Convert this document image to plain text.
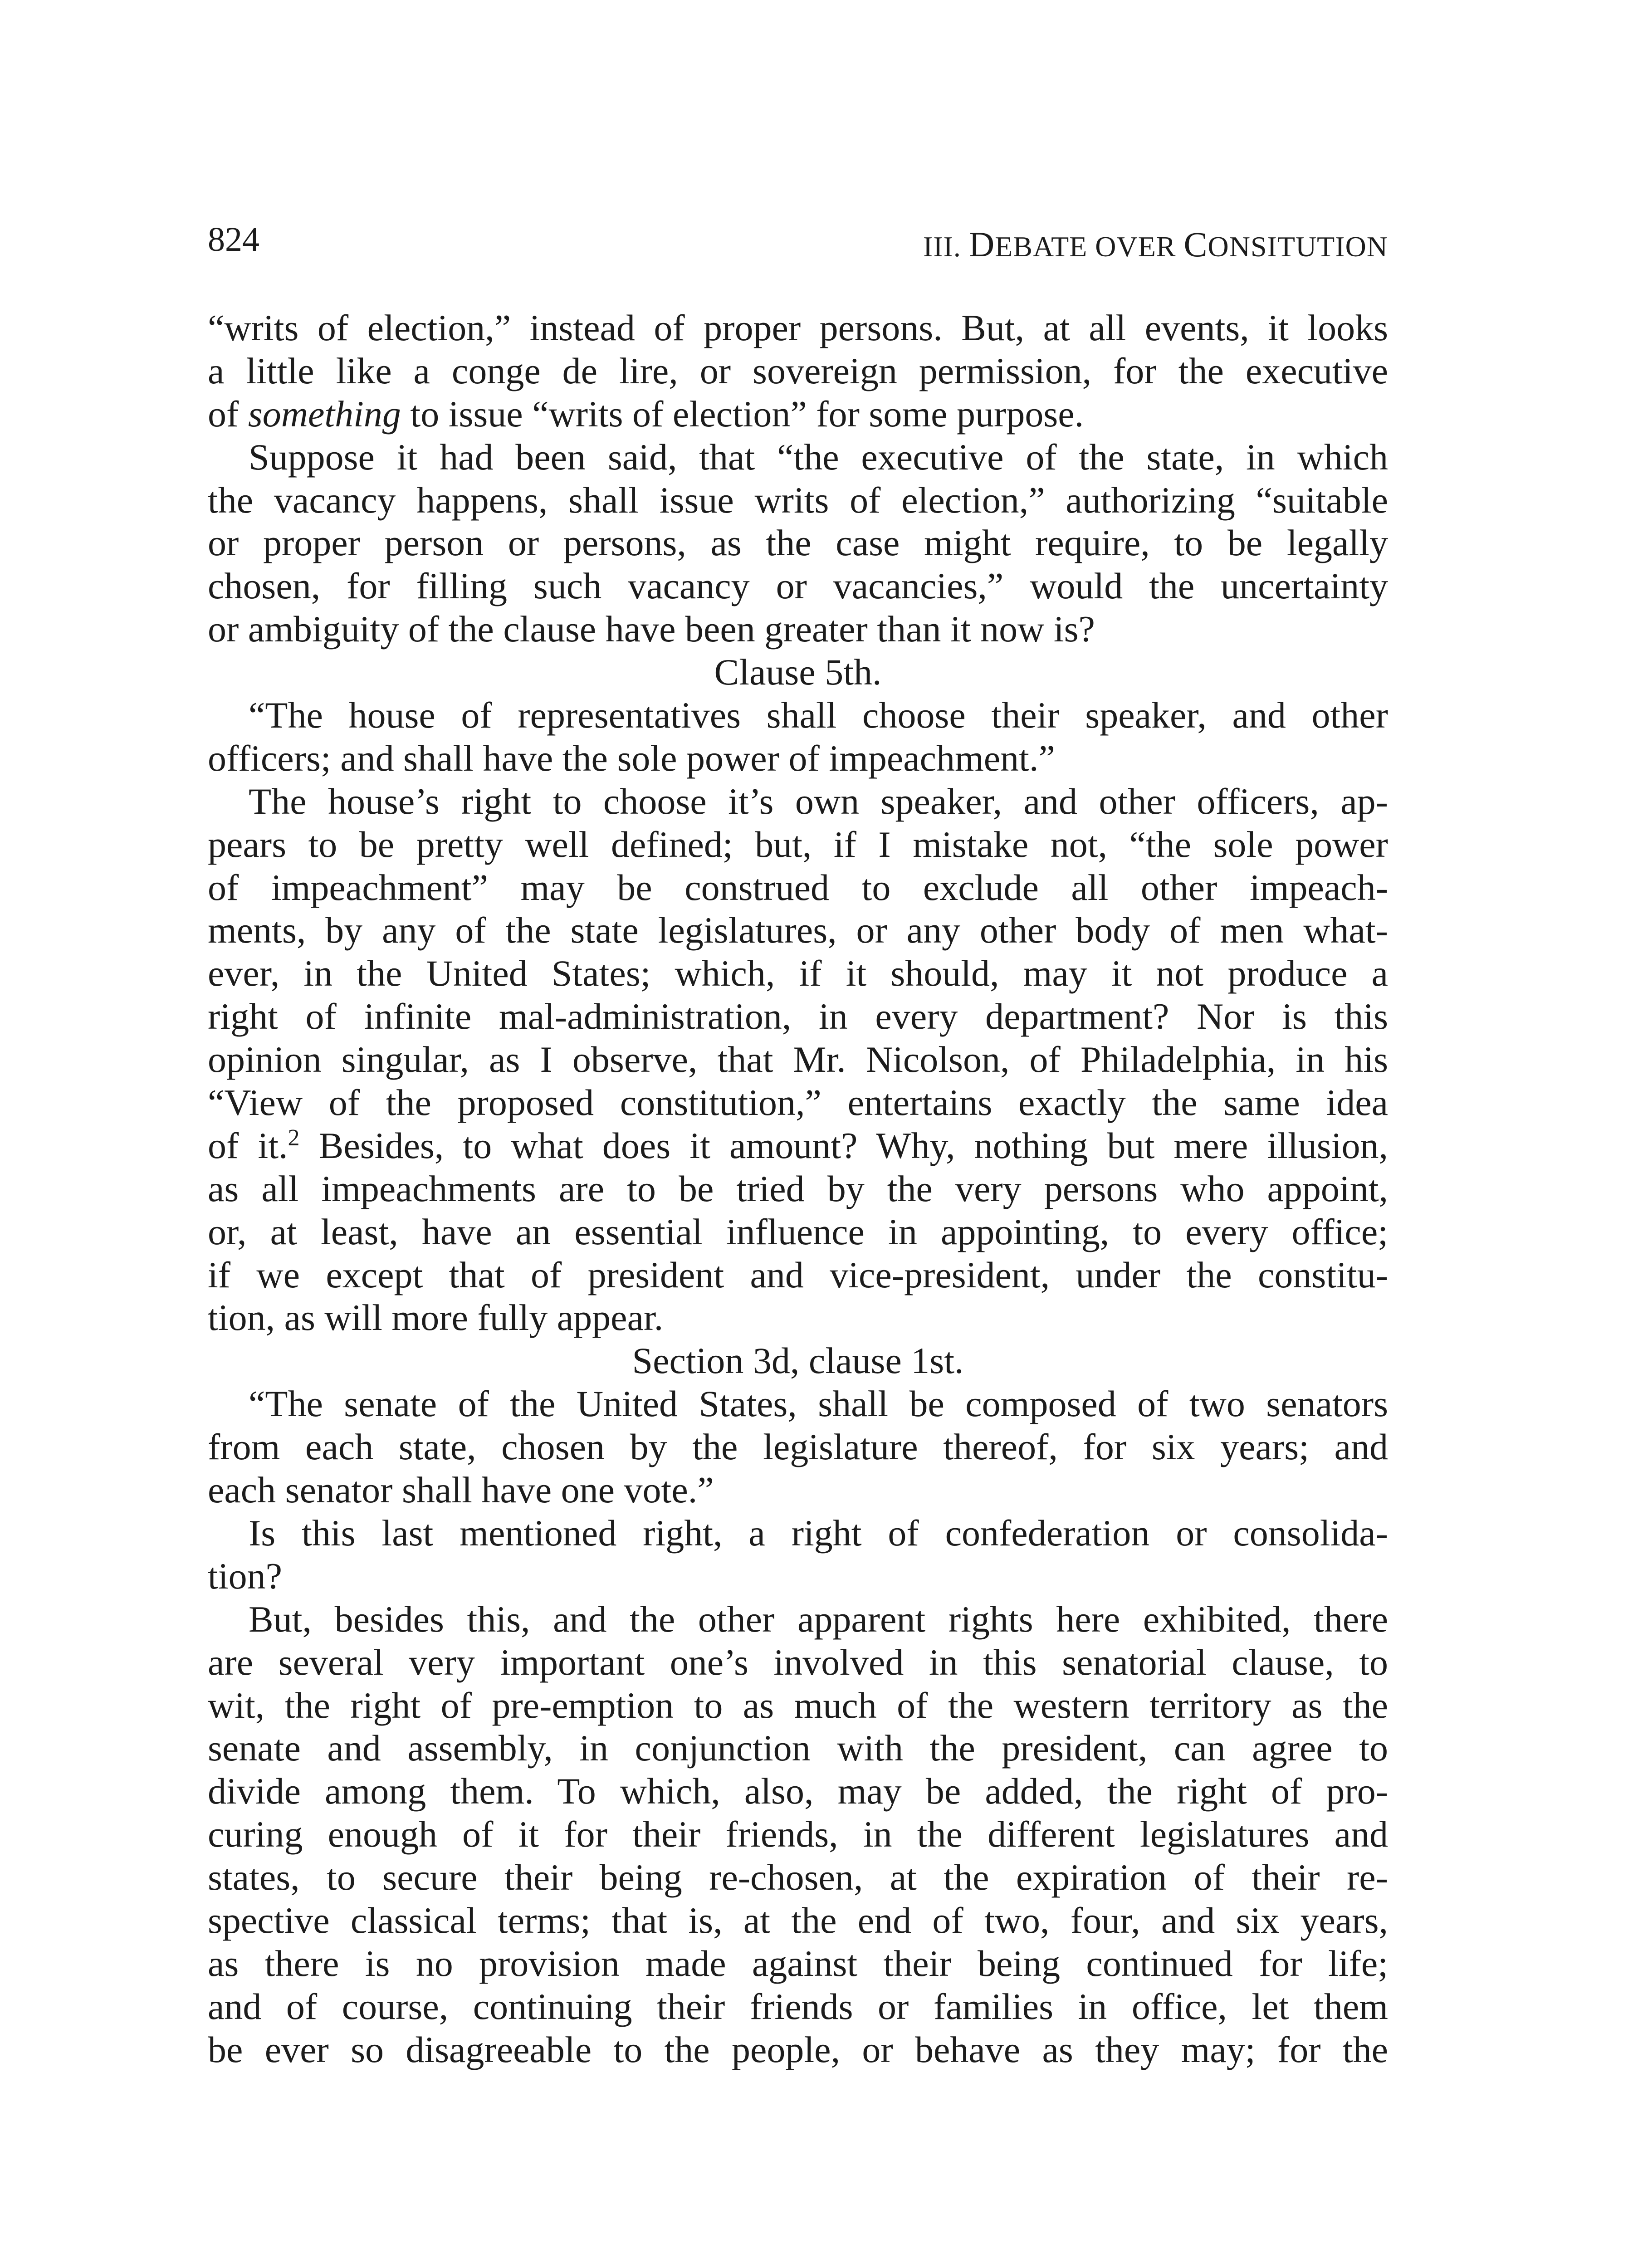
824	III. DEBATE OVER CONSITUTION
“writs of election,” instead of proper persons. But, at all events, it looks
a little like a conge de lire, or sovereign permission, for the executive
of something to issue “writs of election” for some purpose.
Suppose it had been said, that “the executive of the state, in which
the vacancy happens, shall issue writs of election,” authorizing “suitable
or proper person or persons, as the case might require, to be legally
chosen, for filling such vacancy or vacancies,” would the uncertainty
or ambiguity of the clause have been greater than it now is?
Clause 5th.
“The house of representatives shall choose their speaker, and other
officers; and shall have the sole power of impeachment.”
The house’s right to choose it’s own speaker, and other officers, ap-
pears to be pretty well defined; but, if I mistake not, “the sole power
of impeachment” may be construed to exclude all other impeach-
ments, by any of the state legislatures, or any other body of men what-
ever, in the United States; which, if it should, may it not produce a
right of infinite mal-administration, in every department? Nor is this
opinion singular, as I observe, that Mr. Nicolson, of Philadelphia, in his
“View of the proposed constitution,” entertains exactly the same idea
of it.$^2$ Besides, to what does it amount? Why, nothing but mere illusion,
as all impeachments are to be tried by the very persons who appoint,
or, at least, have an essential influence in appointing, to every office;
if we except that of president and vice-president, under the constitu-
tion, as will more fully appear.
Section 3d, clause 1st.
“The senate of the United States, shall be composed of two senators
from each state, chosen by the legislature thereof, for six years; and
each senator shall have one vote.”
Is this last mentioned right, a right of confederation or consolida-
tion?
But, besides this, and the other apparent rights here exhibited, there
are several very important one’s involved in this senatorial clause, to
wit, the right of pre-emption to as much of the western territory as the
senate and assembly, in conjunction with the president, can agree to
divide among them. To which, also, may be added, the right of pro-
curing enough of it for their friends, in the different legislatures and
states, to secure their being re-chosen, at the expiration of their re-
spective classical terms; that is, at the end of two, four, and six years,
as there is no provision made against their being continued for life;
and of course, continuing their friends or families in office, let them
be ever so disagreeable to the people, or behave as they may; for the
